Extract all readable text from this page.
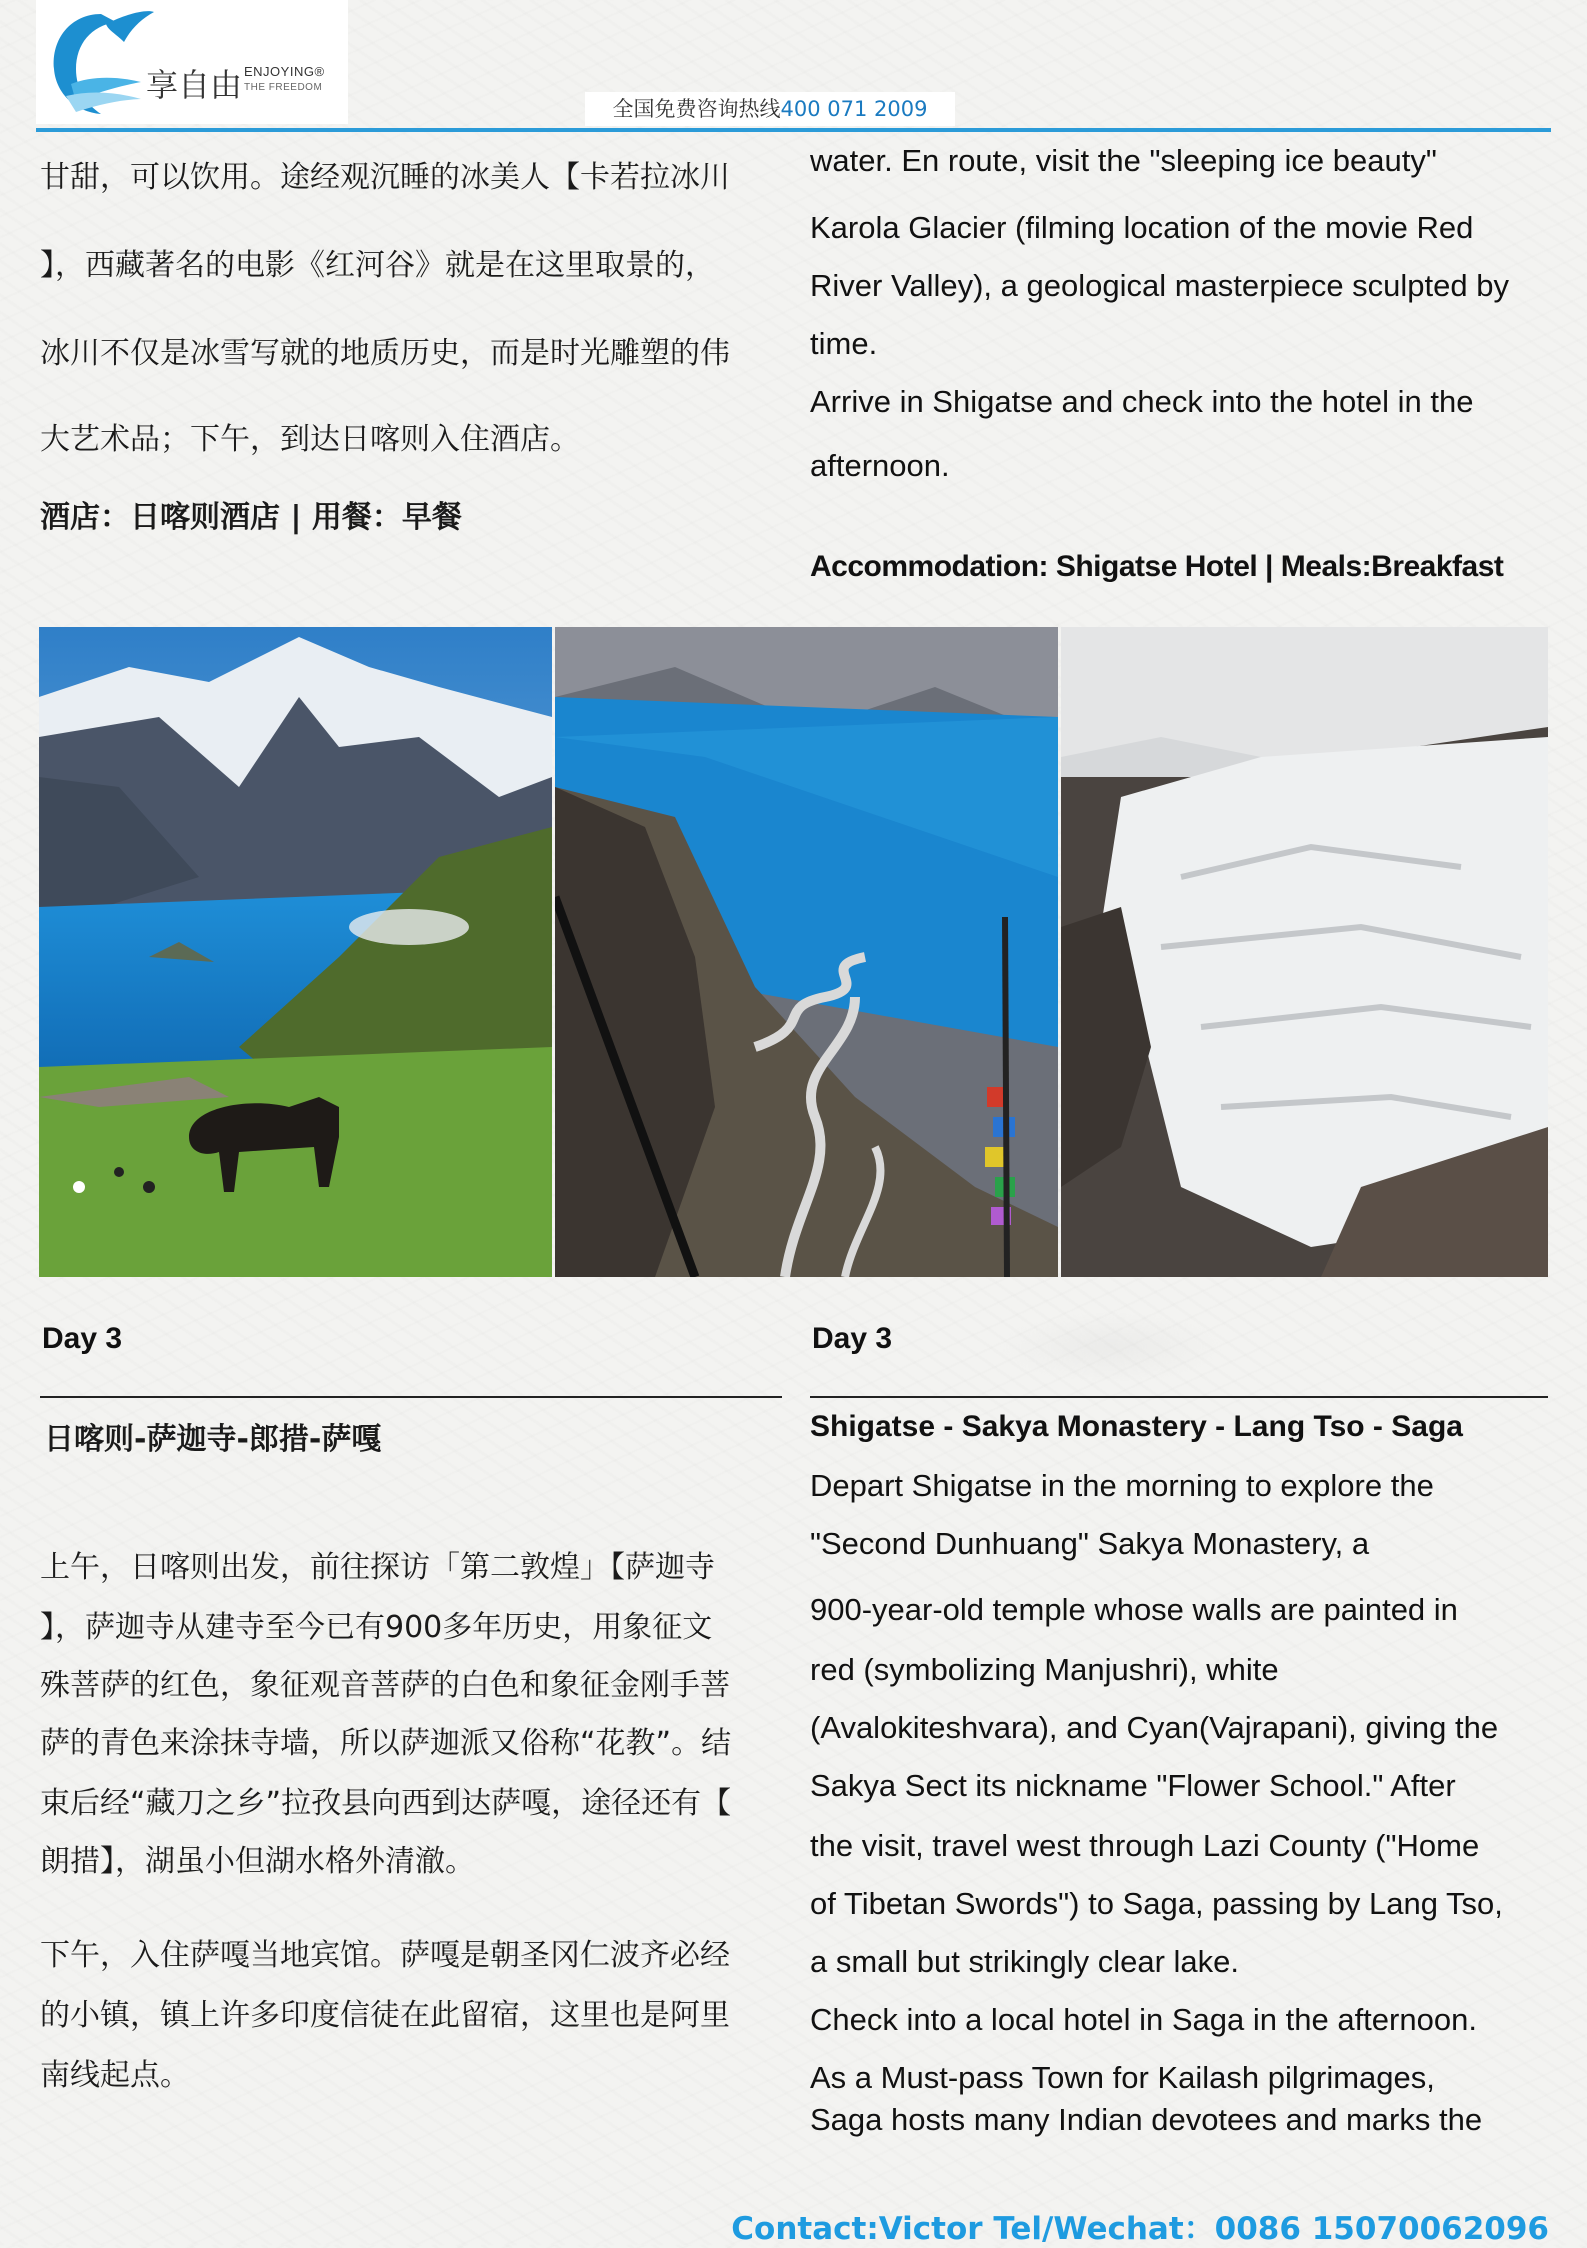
享自由 ENJOYING®
THE FREEDOM
全国免费咨询热线400 071 2009
甘甜，可以饮用。途经观沉睡的冰美人【卡若拉冰川
】，西藏著名的电影《红河谷》就是在这里取景的，
冰川不仅是冰雪写就的地质历史，而是时光雕塑的伟
大艺术品；下午，到达日喀则入住酒店。
酒店：日喀则酒店 | 用餐：早餐
water. En route, visit the "sleeping ice beauty"
Karola Glacier (filming location of the movie Red
River Valley), a geological masterpiece sculpted by
time.
Arrive in Shigatse and check into the hotel in the
afternoon.
Accommodation: Shigatse Hotel | Meals:Breakfast
Day 3
日喀则-萨迦寺-郎措-萨嘎
上午，日喀则出发，前往探访「第二敦煌」【萨迦寺
】，萨迦寺从建寺至今已有900多年历史，用象征文
殊菩萨的红色，象征观音菩萨的白色和象征金刚手菩
萨的青色来涂抹寺墙，所以萨迦派又俗称“花教”。结
束后经“藏刀之乡”拉孜县向西到达萨嘎，途径还有【
朗措】，湖虽小但湖水格外清澈。
下午，入住萨嘎当地宾馆。萨嘎是朝圣冈仁波齐必经
的小镇，镇上许多印度信徒在此留宿，这里也是阿里
南线起点。
Day 3
Shigatse - Sakya Monastery - Lang Tso - Saga
Depart Shigatse in the morning to explore the
"Second Dunhuang" Sakya Monastery, a
900-year-old temple whose walls are painted in
red (symbolizing Manjushri), white
(Avalokiteshvara), and Cyan(Vajrapani), giving the
Sakya Sect its nickname "Flower School." After
the visit, travel west through Lazi County ("Home
of Tibetan Swords") to Saga, passing by Lang Tso,
a small but strikingly clear lake.
Check into a local hotel in Saga in the afternoon.
As a Must-pass Town for Kailash pilgrimages,
Saga hosts many Indian devotees and marks the
Contact:Victor Tel/Wechat：0086 15070062096
